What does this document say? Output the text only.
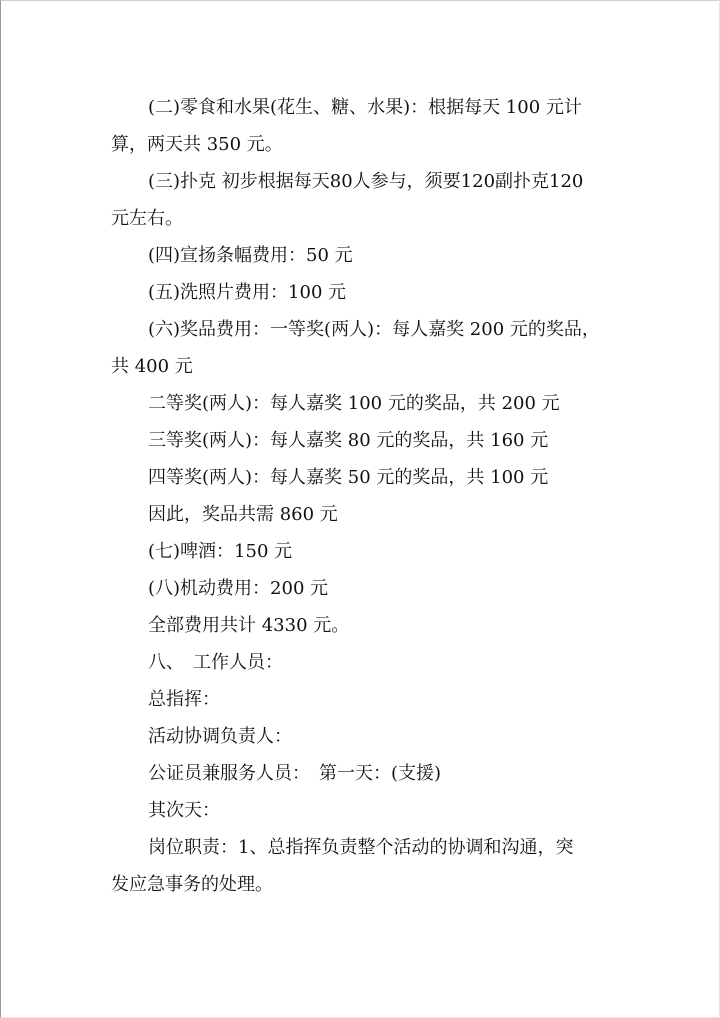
(二)零食和水果(花生、糖、水果)：根据每天 100 元计
算，两天共 350 元。
(三)扑克 初步根据每天80人参与，须要120副扑克120
元左右。
(四)宣扬条幅费用：50 元
(五)洗照片费用：100 元
(六)奖品费用：一等奖(两人)：每人嘉奖 200 元的奖品，
共 400 元
二等奖(两人)：每人嘉奖 100 元的奖品，共 200 元
三等奖(两人)：每人嘉奖 80 元的奖品，共 160 元
四等奖(两人)：每人嘉奖 50 元的奖品，共 100 元
因此，奖品共需 860 元
(七)啤酒：150 元
(八)机动费用：200 元
全部费用共计 4330 元。
八、　工作人员：
总指挥：
活动协调负责人：
公证员兼服务人员：　第一天：(支援)
其次天：
岗位职责：1、总指挥负责整个活动的协调和沟通，突
发应急事务的处理。
